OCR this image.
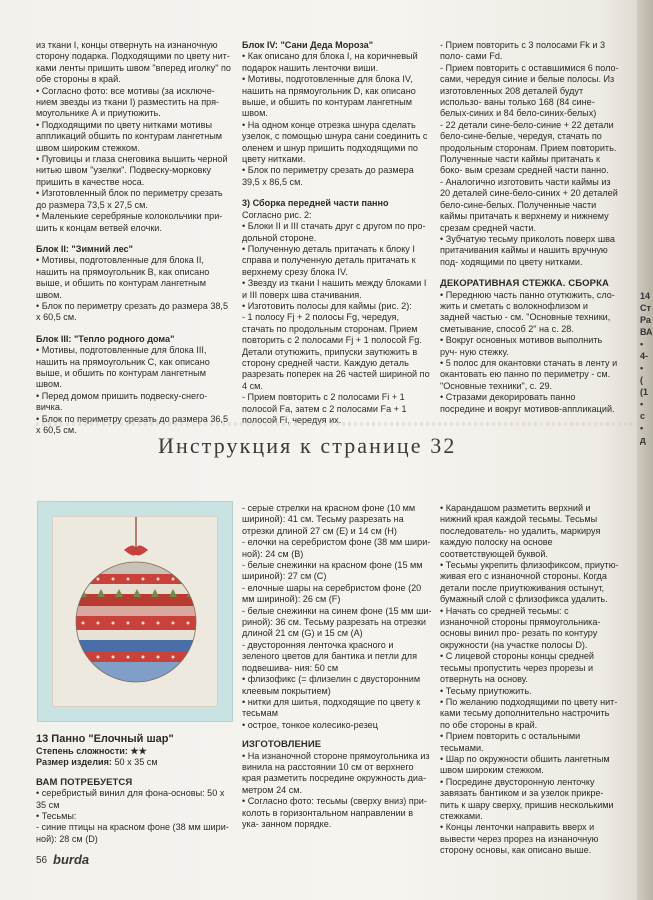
из ткани I, концы отвернуть на изнаночную сторону подарка. Подходящими по цвету нит- ками ленты пришить швом "вперед иголку" по обе стороны в край.

• Согласно фото: все мотивы (за исключе- нием звезды из ткани I) разместить на пря- моугольнике А и приутюжить.

• Подходящими по цвету нитками мотивы аппликаций обшить по контурам лангетным швом широким стежком.

• Пуговицы и глаза снеговика вышить черной нитью швом "узелки". Подвеску-морковку пришить в качестве носа.

• Изготовленный блок по периметру срезать до размера 73,5 x 27,5 см.

• Маленькие серебряные колокольчики при- шить к концам ветвей елочки.

Блок II: "Зимний лес"

• Мотивы, подготовленные для блока II, нашить на прямоугольник В, как описано выше, и обшить по контурам лангетным швом.

• Блок по периметру срезать до размера 38,5 x 60,5 см.

Блок III: "Тепло родного дома"

• Мотивы, подготовленные для блока III, нашить на прямоугольник С, как описано выше, и обшить по контурам лангетным швом.

• Перед домом пришить подвеску-снего- вичка.

• Блок по периметру срезать до размера 36,5 x 60,5 см.

Блок IV: "Сани Деда Мороза"

• Как описано для блока I, на коричневый подарок нашить ленточки виши.

• Мотивы, подготовленные для блока IV, нашить на прямоугольник D, как описано выше, и обшить по контурам лангетным швом.

• На одном конце отрезка шнура сделать узелок, с помощью шнура сани соединить с оленем и шнур пришить подходящими по цвету нитками.

• Блок по периметру срезать до размера 39,5 x 86,5 см.

3) Сборка передней части панно

Согласно рис. 2:

• Блоки II и III стачать друг с другом по про- дольной стороне.

• Полученную деталь притачать к блоку I справа и полученную деталь притачать к верхнему срезу блока IV.

• Звезду из ткани I нашить между блоками I и III поверх шва стачивания.

• Изготовить полосы для каймы (рис. 2):

- 1 полосу Fj + 2 полосы Fg, чередуя, стачать по продольным сторонам. Прием повторить с 2 полосами Fj + 1 полосой Fg. Детали отутюжить, припуски заутюжить в сторону средней части. Каждую деталь разрезать поперек на 26 частей шириной по 4 см.

- Прием повторить с 2 полосами Fi + 1 полосой Fa, затем с 2 полосами Fa + 1 полосой Fi, чередуя их.

- Прием повторить с 3 полосами Fk и 3 поло- сами Fd.

- Прием повторить с оставшимися 6 поло- сами, чередуя синие и белые полосы. Из изготовленных 208 деталей будут использо- ваны только 168 (84 сине-белых-синих и 84 бело-синих-белых)

- 22 детали сине-бело-синие + 22 детали бело-сине-белые, чередуя, стачать по продольным сторонам. Прием повторить. Полученные части каймы притачать к боко- вым срезам средней части панно.

- Аналогично изготовить части каймы из 20 деталей сине-бело-синих + 20 деталей бело-сине-белых. Полученные части каймы притачать к верхнему и нижнему срезам средней части.

• Зубчатую тесьму приколоть поверх шва притачивания каймы и нашить вручную под- ходящими по цвету нитками.

ДЕКОРАТИВНАЯ СТЕЖКА. СБОРКА

• Переднюю часть панно отутюжить, сло- жить и сметать с волокнофлизом и задней частью - см. "Основные техники, сметывание, способ 2" на с. 28.

• Вокруг основных мотивов выполнить руч- ную стежку.

• 5 полос для окантовки стачать в ленту и окантовать ею панно по периметру - см. "Основные техники", с. 29.

• Стразами декорировать панно посредине и вокруг мотивов-аппликаций.

14

Ст

Ра

ВА

•

4-

•

(

(1

•

с

•

д

Инструкция к странице 32

13 Панно "Елочный шар"

Степень сложности: ★★

Размер изделия: 50 x 35 см

ВАМ ПОТРЕБУЕТСЯ

• серебристый винил для фона-основы: 50 x 35 см

• Тесьмы:

- синие птицы на красном фоне (38 мм шири- ной): 28 см (D)

- серые стрелки на красном фоне (10 мм шириной): 41 см. Тесьму разрезать на отрезки длиной 27 см (E) и 14 см (H)

- елочки на серебристом фоне (38 мм шири- ной): 24 см (B)

- белые снежинки на красном фоне (15 мм шириной): 27 см (C)

- елочные шары на серебристом фоне (20 мм шириной): 26 см (F)

- белые снежинки на синем фоне (15 мм ши- риной): 36 см. Тесьму разрезать на отрезки длиной 21 см (G) и 15 см (A)

- двусторонняя ленточка красного и зеленого цветов для бантика и петли для подвешива- ния: 50 см

• флизофикс (= флизелин с двусторонним клеевым покрытием)

• нитки для шитья, подходящие по цвету к тесьмам

• острое, тонкое колесико-резец

ИЗГОТОВЛЕНИЕ

• На изнаночной стороне прямоугольника из винила на расстоянии 10 см от верхнего края разметить посредине окружность диа- метром 24 см.

• Согласно фото: тесьмы (сверху вниз) при- колоть в горизонтальном направлении в ука- занном порядке.

• Карандашом разметить верхний и нижний края каждой тесьмы. Тесьмы последователь- но удалить, маркируя каждую полоску на основе соответствующей буквой.

• Тесьмы укрепить флизофиксом, приутю- живая его с изнаночной стороны. Когда детали после приутюживания остынут, бумажный слой с флизофикса удалить.

• Начать со средней тесьмы: с изнаночной стороны прямоугольника-основы винил про- резать по контуру окружности (на участке полосы D).

• С лицевой стороны концы средней тесьмы пропустить через прорезы и отвернуть на основу.

• Тесьму приутюжить.

• По желанию подходящими по цвету нит- ками тесьму дополнительно настрочить по обе стороны в край.

• Прием повторить с остальными тесьмами.

• Шар по окружности обшить лангетным швом широким стежком.

• Посредине двусторонную ленточку завязать бантиком и за узелок прикре- пить к шару сверху, пришив несколькими стежками.

• Концы ленточки направить вверх и вывести через прорез на изнаночную сторону основы, как описано выше.

56 burda
